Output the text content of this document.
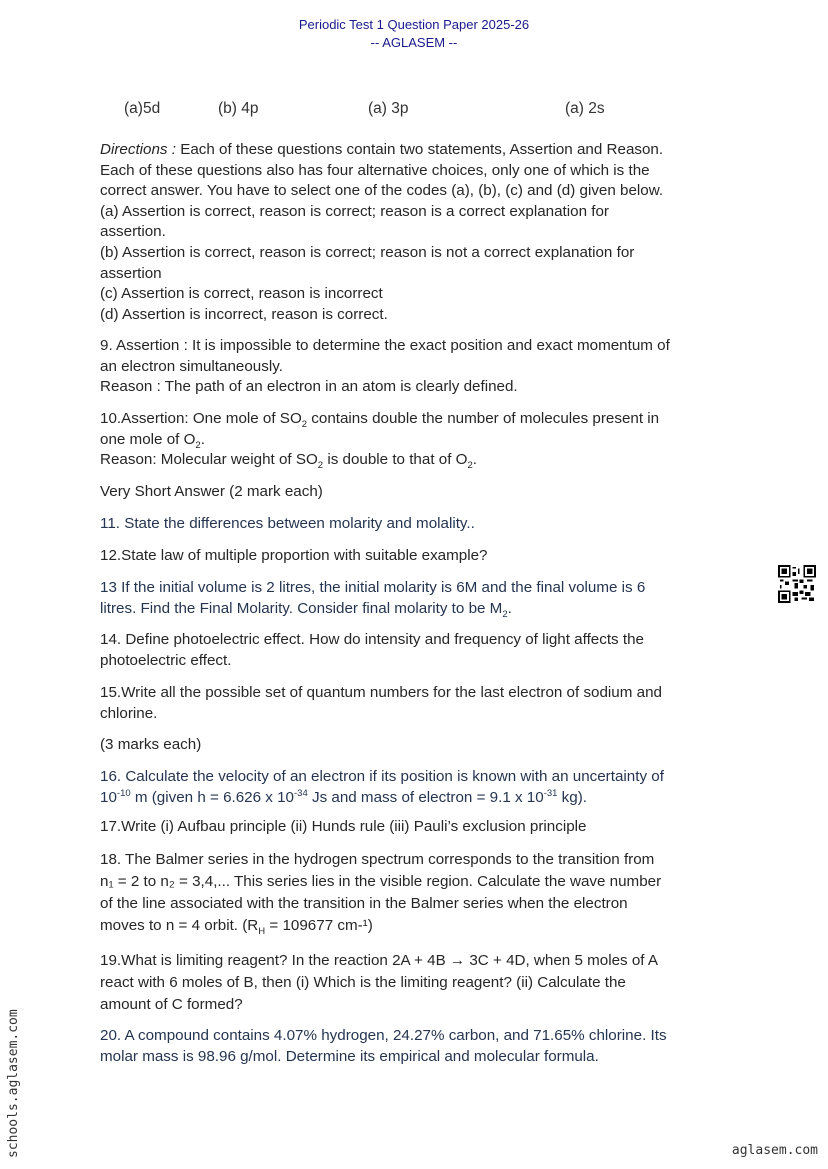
Periodic Test 1 Question Paper 2025-26
-- AGLASEM --
(a)5d	(b) 4p	(a) 3p	(a) 2s
Directions : Each of these questions contain two statements, Assertion and Reason.
Each of these questions also has four alternative choices, only one of which is the
correct answer. You have to select one of the codes (a), (b), (c) and (d) given below.
(a) Assertion is correct, reason is correct; reason is a correct explanation for
assertion.
(b) Assertion is correct, reason is correct; reason is not a correct explanation for
assertion
(c) Assertion is correct, reason is incorrect
(d) Assertion is incorrect, reason is correct.
9. Assertion : It is impossible to determine the exact position and exact momentum of
an electron simultaneously.
Reason : The path of an electron in an atom is clearly defined.
10.Assertion: One mole of $SO_2$ contains double the number of molecules present in
one mole of $O_2$.
Reason: Molecular weight of $SO_2$ is double to that of $O_2$.
Very Short Answer (2 mark each)
11. State the differences between molarity and molality..
12.State law of multiple proportion with suitable example?
13 If the initial volume is 2 litres, the initial molarity is 6M and the final volume is 6
litres. Find the Final Molarity. Consider final molarity to be $M_2$.
14. Define photoelectric effect. How do intensity and frequency of light affects the
photoelectric effect.
15.Write all the possible set of quantum numbers for the last electron of sodium and
chlorine.
(3 marks each)
16. Calculate the velocity of an electron if its position is known with an uncertainty of
$10^{-10}$ m (given h = 6.626 x $10^{-34}$ Js and mass of electron = 9.1 x $10^{-31}$ kg).
17.Write (i) Aufbau principle (ii) Hunds rule (iii) Pauli’s exclusion principle
18. The Balmer series in the hydrogen spectrum corresponds to the transition from
n₁ = 2 to n₂ = 3,4,... This series lies in the visible region. Calculate the wave number
of the line associated with the transition in the Balmer series when the electron
moves to n = 4 orbit. ($R_H = 109677$ cm-¹)
19.What is limiting reagent? In the reaction 2A + 4B → 3C + 4D, when 5 moles of A
react with 6 moles of B, then (i) Which is the limiting reagent? (ii) Calculate the
amount of C formed?
20. A compound contains 4.07% hydrogen, 24.27% carbon, and 71.65% chlorine. Its
molar mass is 98.96 g/mol. Determine its empirical and molecular formula.
schools.aglasem.com	aglasem.com
